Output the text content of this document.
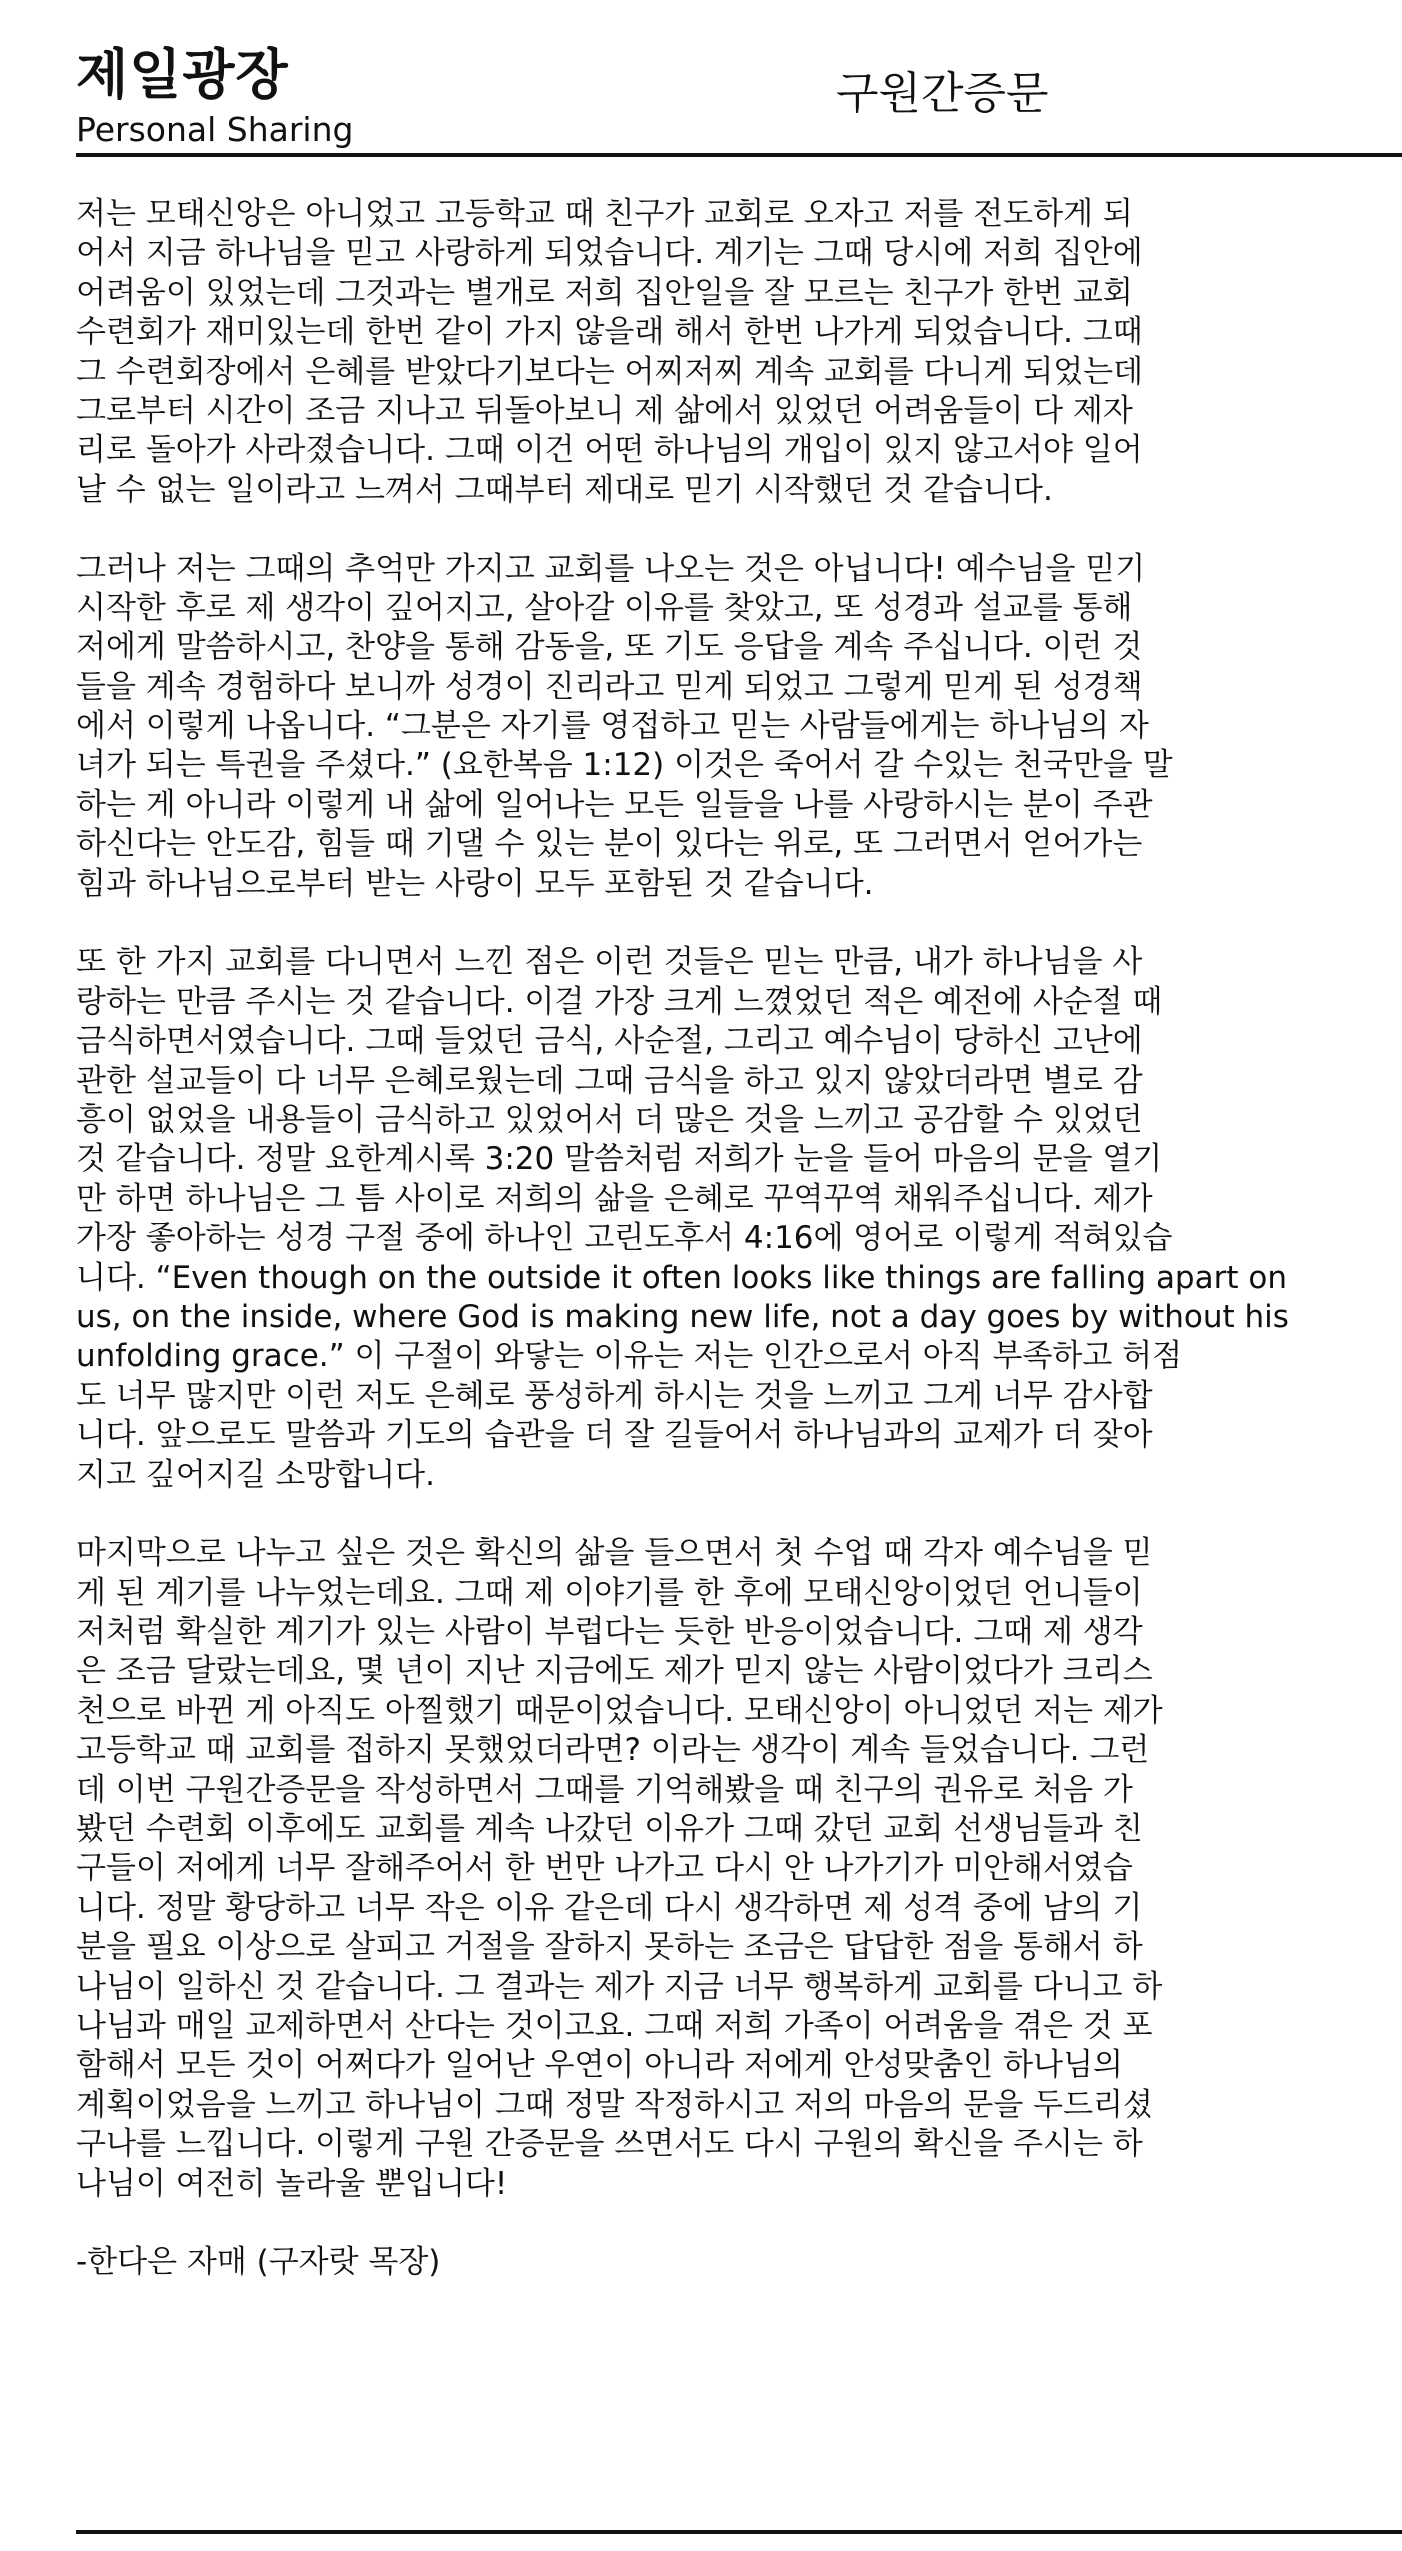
제일광장
Personal Sharing
구원간증문
저는 모태신앙은 아니었고 고등학교 때 친구가 교회로 오자고 저를 전도하게 되
어서 지금 하나님을 믿고 사랑하게 되었습니다. 계기는 그때 당시에 저희 집안에
어려움이 있었는데 그것과는 별개로 저희 집안일을 잘 모르는 친구가 한번 교회
수련회가 재미있는데 한번 같이 가지 않을래 해서 한번 나가게 되었습니다. 그때
그 수련회장에서 은혜를 받았다기보다는 어찌저찌 계속 교회를 다니게 되었는데
그로부터 시간이 조금 지나고 뒤돌아보니 제 삶에서 있었던 어려움들이 다 제자
리로 돌아가 사라졌습니다. 그때 이건 어떤 하나님의 개입이 있지 않고서야 일어
날 수 없는 일이라고 느껴서 그때부터 제대로 믿기 시작했던 것 같습니다.
그러나 저는 그때의 추억만 가지고 교회를 나오는 것은 아닙니다! 예수님을 믿기
시작한 후로 제 생각이 깊어지고, 살아갈 이유를 찾았고, 또 성경과 설교를 통해
저에게 말씀하시고, 찬양을 통해 감동을, 또 기도 응답을 계속 주십니다. 이런 것
들을 계속 경험하다 보니까 성경이 진리라고 믿게 되었고 그렇게 믿게 된 성경책
에서 이렇게 나옵니다. “그분은 자기를 영접하고 믿는 사람들에게는 하나님의 자
녀가 되는 특권을 주셨다.” (요한복음 1:12) 이것은 죽어서 갈 수있는 천국만을 말
하는 게 아니라 이렇게 내 삶에 일어나는 모든 일들을 나를 사랑하시는 분이 주관
하신다는 안도감, 힘들 때 기댈 수 있는 분이 있다는 위로, 또 그러면서 얻어가는
힘과 하나님으로부터 받는 사랑이 모두 포함된 것 같습니다.
또 한 가지 교회를 다니면서 느낀 점은 이런 것들은 믿는 만큼, 내가 하나님을 사
랑하는 만큼 주시는 것 같습니다. 이걸 가장 크게 느꼈었던 적은 예전에 사순절 때
금식하면서였습니다. 그때 들었던 금식, 사순절, 그리고 예수님이 당하신 고난에
관한 설교들이 다 너무 은혜로웠는데 그때 금식을 하고 있지 않았더라면 별로 감
흥이 없었을 내용들이 금식하고 있었어서 더 많은 것을 느끼고 공감할 수 있었던
것 같습니다. 정말 요한계시록 3:20 말씀처럼 저희가 눈을 들어 마음의 문을 열기
만 하면 하나님은 그 틈 사이로 저희의 삶을 은혜로 꾸역꾸역 채워주십니다. 제가
가장 좋아하는 성경 구절 중에 하나인 고린도후서 4:16에 영어로 이렇게 적혀있습
니다. “Even though on the outside it often looks like things are falling apart on
us, on the inside, where God is making new life, not a day goes by without his
unfolding grace.” 이 구절이 와닿는 이유는 저는 인간으로서 아직 부족하고 허점
도 너무 많지만 이런 저도 은혜로 풍성하게 하시는 것을 느끼고 그게 너무 감사합
니다. 앞으로도 말씀과 기도의 습관을 더 잘 길들어서 하나님과의 교제가 더 잦아
지고 깊어지길 소망합니다.
마지막으로 나누고 싶은 것은 확신의 삶을 들으면서 첫 수업 때 각자 예수님을 믿
게 된 계기를 나누었는데요. 그때 제 이야기를 한 후에 모태신앙이었던 언니들이
저처럼 확실한 계기가 있는 사람이 부럽다는 듯한 반응이었습니다. 그때 제 생각
은 조금 달랐는데요, 몇 년이 지난 지금에도 제가 믿지 않는 사람이었다가 크리스
천으로 바뀐 게 아직도 아찔했기 때문이었습니다. 모태신앙이 아니었던 저는 제가
고등학교 때 교회를 접하지 못했었더라면? 이라는 생각이 계속 들었습니다. 그런
데 이번 구원간증문을 작성하면서 그때를 기억해봤을 때 친구의 권유로 처음 가
봤던 수련회 이후에도 교회를 계속 나갔던 이유가 그때 갔던 교회 선생님들과 친
구들이 저에게 너무 잘해주어서 한 번만 나가고 다시 안 나가기가 미안해서였습
니다. 정말 황당하고 너무 작은 이유 같은데 다시 생각하면 제 성격 중에 남의 기
분을 필요 이상으로 살피고 거절을 잘하지 못하는 조금은 답답한 점을 통해서 하
나님이 일하신 것 같습니다. 그 결과는 제가 지금 너무 행복하게 교회를 다니고 하
나님과 매일 교제하면서 산다는 것이고요. 그때 저희 가족이 어려움을 겪은 것 포
함해서 모든 것이 어쩌다가 일어난 우연이 아니라 저에게 안성맞춤인 하나님의
계획이었음을 느끼고 하나님이 그때 정말 작정하시고 저의 마음의 문을 두드리셨
구나를 느낍니다. 이렇게 구원 간증문을 쓰면서도 다시 구원의 확신을 주시는 하
나님이 여전히 놀라울 뿐입니다!
-한다은 자매 (구자랏 목장)
